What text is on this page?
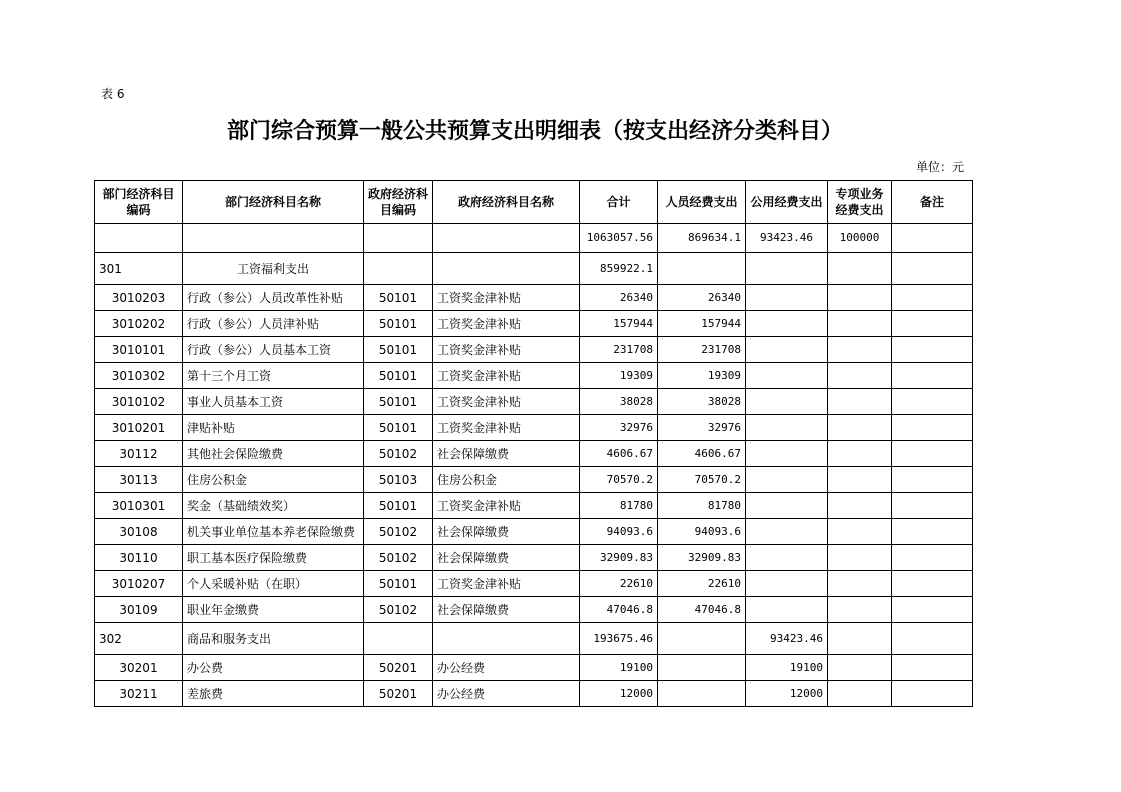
表 6
部门综合预算一般公共预算支出明细表（按支出经济分类科目）
单位：元
部门经济科目编码	部门经济科目名称	政府经济科目编码	政府经济科目名称	合计	人员经费支出	公用经费支出	专项业务经费支出	备注
				1063057.56	869634.1	93423.46	100000	
301	工资福利支出			859922.1				
3010203	行政（参公）人员改革性补贴	50101	工资奖金津补贴	26340	26340			
3010202	行政（参公）人员津补贴	50101	工资奖金津补贴	157944	157944			
3010101	行政（参公）人员基本工资	50101	工资奖金津补贴	231708	231708			
3010302	第十三个月工资	50101	工资奖金津补贴	19309	19309			
3010102	事业人员基本工资	50101	工资奖金津补贴	38028	38028			
3010201	津贴补贴	50101	工资奖金津补贴	32976	32976			
30112	其他社会保险缴费	50102	社会保障缴费	4606.67	4606.67			
30113	住房公积金	50103	住房公积金	70570.2	70570.2			
3010301	奖金（基础绩效奖）	50101	工资奖金津补贴	81780	81780			
30108	机关事业单位基本养老保险缴费	50102	社会保障缴费	94093.6	94093.6			
30110	职工基本医疗保险缴费	50102	社会保障缴费	32909.83	32909.83			
3010207	个人采暖补贴（在职）	50101	工资奖金津补贴	22610	22610			
30109	职业年金缴费	50102	社会保障缴费	47046.8	47046.8			
302	商品和服务支出			193675.46		93423.46		
30201	办公费	50201	办公经费	19100		19100		
30211	差旅费	50201	办公经费	12000		12000		
